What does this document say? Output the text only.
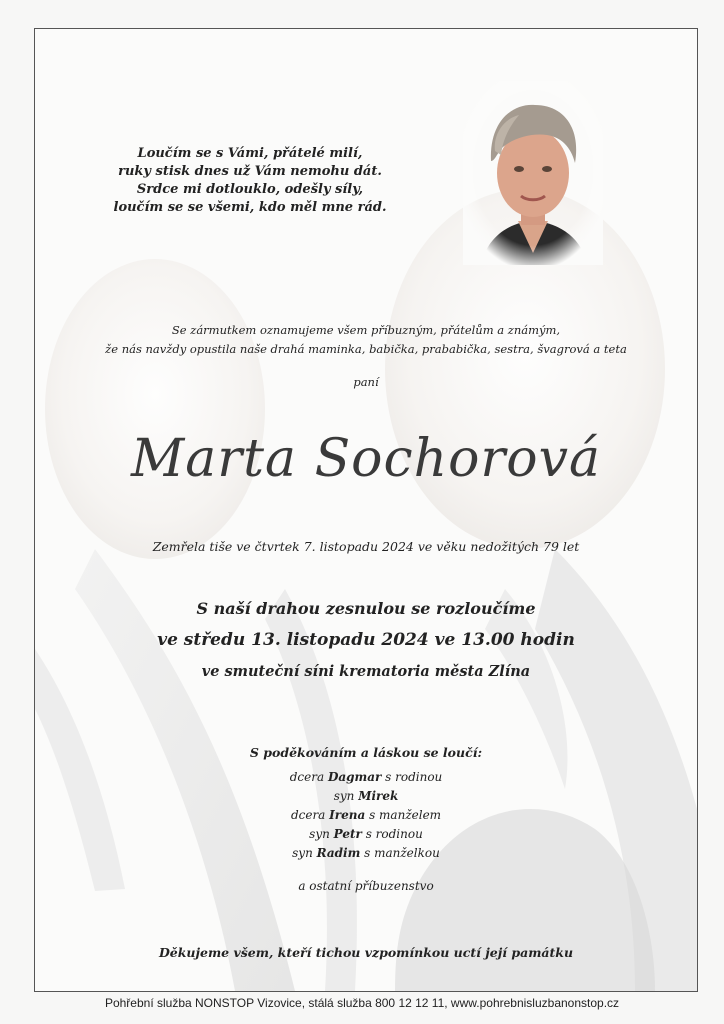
Loučím se s Vámi, přátelé milí,
ruky stisk dnes už Vám nemohu dát.
Srdce mi dotlouklo, odešly síly,
loučím se se všemi, kdo měl mne rád.
Se zármutkem oznamujeme všem příbuzným, přátelům a známým,
že nás navždy opustila naše drahá maminka, babička, prababička, sestra, švagrová a teta
paní
Marta Sochorová
Zemřela tiše ve čtvrtek 7. listopadu 2024 ve věku nedožitých 79 let
S naší drahou zesnulou se rozloučíme
ve středu 13. listopadu 2024 ve 13.00 hodin
ve smuteční síni krematoria města Zlína
S poděkováním a láskou se loučí:
dcera Dagmar s rodinou
syn Mirek
dcera Irena s manželem
syn Petr s rodinou
syn Radim s manželkou
a ostatní příbuzenstvo
Děkujeme všem, kteří tichou vzpomínkou uctí její památku
Pohřební služba NONSTOP Vizovice, stálá služba 800 12 12 11, www.pohrebnisluzbanonstop.cz
